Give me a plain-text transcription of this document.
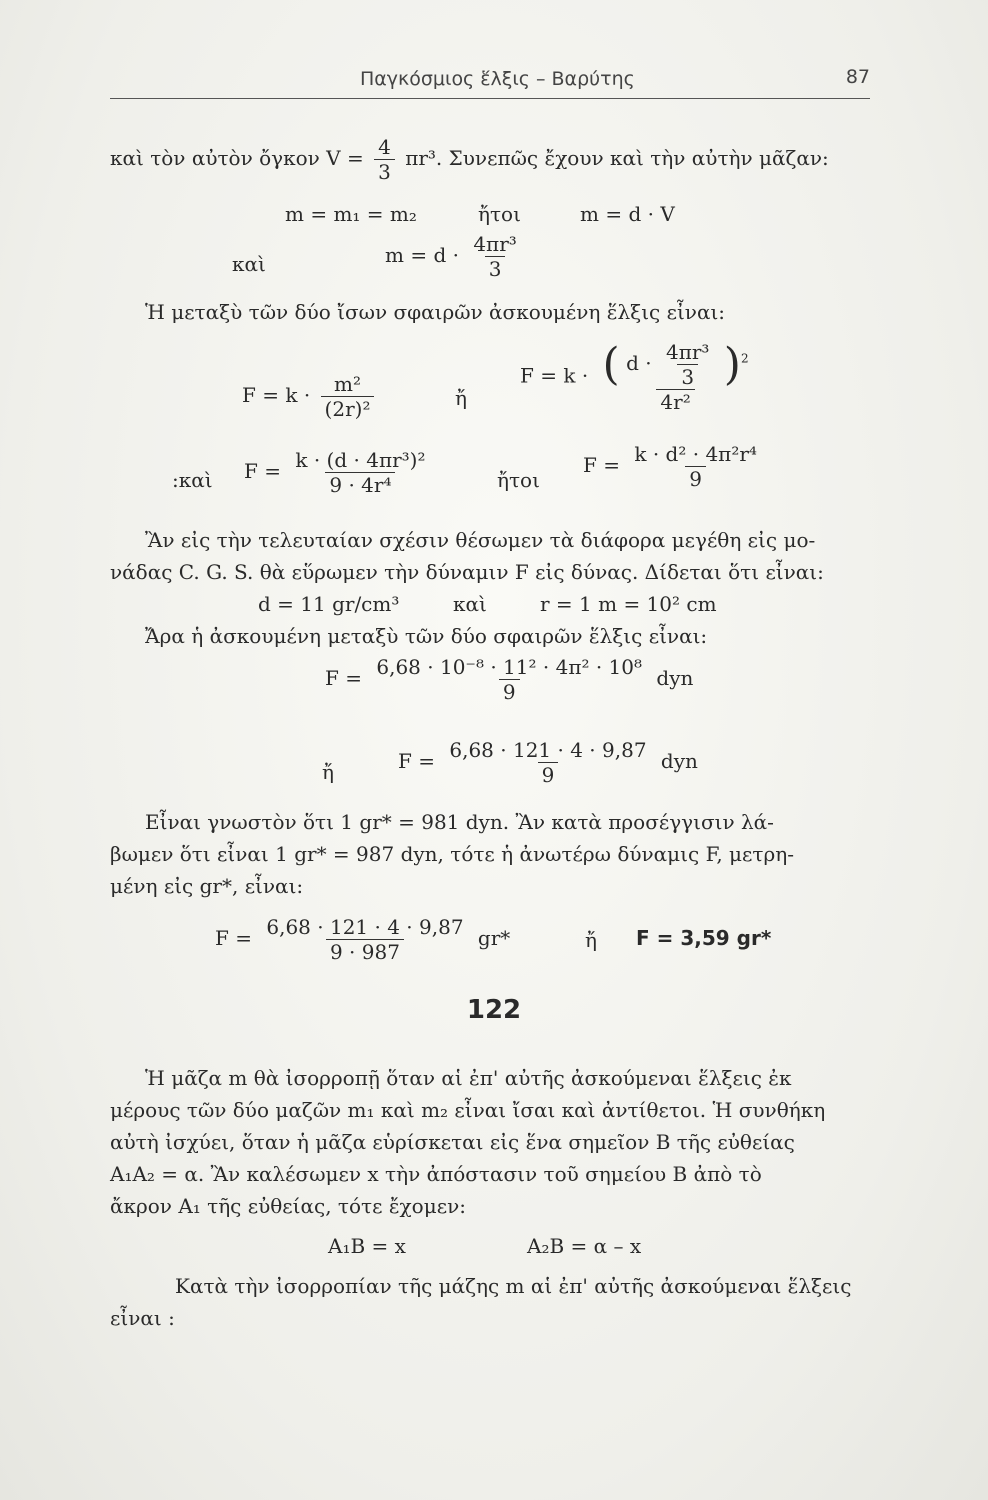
Παγκόσμιος ἕλξις – Βαρύτης	87
καὶ τὸν αὐτὸν ὄγκον $V = \frac{4}{3} \pi r^3$. Συνεπῶς ἔχουν καὶ τὴν αὐτὴν μᾶζαν:
m = m₁ = m₂	ἤτοι	m = d · V
καὶ	$m = d \cdot \frac{\text{4πr³}}{3}$
Ἡ μεταξὺ τῶν δύο ἴσων σφαιρῶν ἀσκουμένη ἕλξις εἶναι:
$F = k \cdot \frac{\text{m²}}{\text{(2r)²}}$	ἤ
$F = k \cdot \frac{( d \cdot \frac{\text{4πr³}}{3} )^2}{\text{4r²}}$
:καὶ $F = \frac{\text{k · (d · 4πr³)²}}{\text{9 · 4r⁴}}$	ἤτοι
$F = \frac{\text{k · d² · 4π²r⁴}}{9}$
Ἂν εἰς τὴν τελευταίαν σχέσιν θέσωμεν τὰ διάφορα μεγέθη εἰς μο-
νάδας C. G. S. θὰ εὕρωμεν τὴν δύναμιν F εἰς δύνας. Δίδεται ὅτι εἶναι:
d = 11 gr/cm³	καὶ	r = 1 m = 10² cm
Ἄρα ἡ ἀσκουμένη μεταξὺ τῶν δύο σφαιρῶν ἕλξις εἶναι:
$F = \frac{\text{6,68 · 10⁻⁸ · 11² · 4π² · 10⁸}}{9}$ dyn
ἤ	$F = \frac{6,68 \cdot 121 \cdot 4 \cdot 9,87}{9}$ dyn
Εἶναι γνωστὸν ὅτι 1 gr* = 981 dyn. Ἂν κατὰ προσέγγισιν λά-
βωμεν ὅτι εἶναι 1 gr* = 987 dyn, τότε ἡ ἀνωτέρω δύναμις F, μετρη-
μένη εἰς gr*, εἶναι:
$F = \frac{6,68 \cdot 121 \cdot 4 \cdot 9,87}{9 \cdot 987} gr*$	ἤ F = 3,59 gr*
122
Ἡ μᾶζα m θὰ ἰσορροπῇ ὅταν αἱ ἐπ' αὐτῆς ἀσκούμεναι ἕλξεις ἐκ
μέρους τῶν δύο μαζῶν m₁ καὶ m₂ εἶναι ἴσαι καὶ ἀντίθετοι. Ἡ συνθήκη
αὐτὴ ἰσχύει, ὅταν ἡ μᾶζα εὑρίσκεται εἰς ἕνα σημεῖον B τῆς εὐθείας
A₁A₂ = α. Ἂν καλέσωμεν x τὴν ἀπόστασιν τοῦ σημείου B ἀπὸ τὸ
ἄκρον A₁ τῆς εὐθείας, τότε ἔχομεν:
A₁B = x	A₂B = α – x
Κατὰ τὴν ἰσορροπίαν τῆς μάζης m αἱ ἐπ' αὐτῆς ἀσκούμεναι ἕλξεις
εἶναι :
